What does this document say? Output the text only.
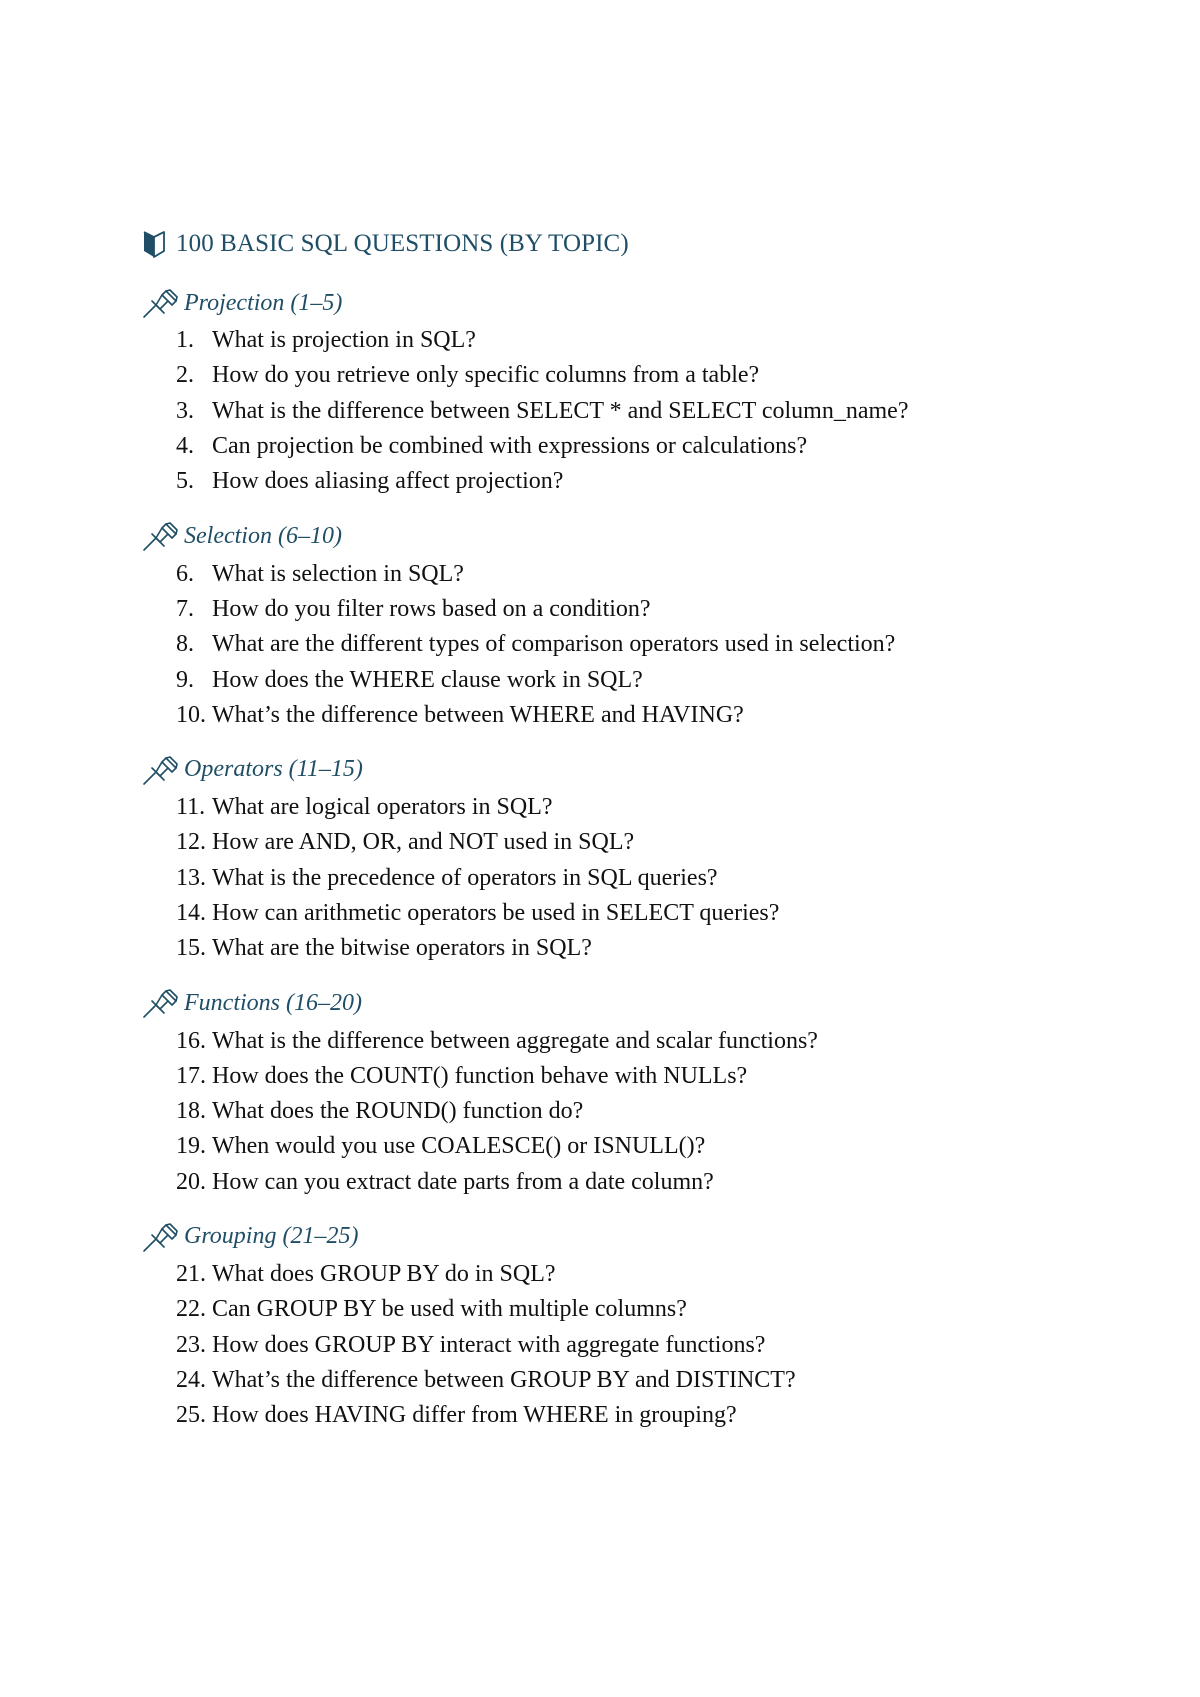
100 BASIC SQL QUESTIONS (BY TOPIC)
Projection (1–5)
1. What is projection in SQL?
2. How do you retrieve only specific columns from a table?
3. What is the difference between SELECT * and SELECT column_name?
4. Can projection be combined with expressions or calculations?
5. How does aliasing affect projection?
Selection (6–10)
6. What is selection in SQL?
7. How do you filter rows based on a condition?
8. What are the different types of comparison operators used in selection?
9. How does the WHERE clause work in SQL?
10. What’s the difference between WHERE and HAVING?
Operators (11–15)
11. What are logical operators in SQL?
12. How are AND, OR, and NOT used in SQL?
13. What is the precedence of operators in SQL queries?
14. How can arithmetic operators be used in SELECT queries?
15. What are the bitwise operators in SQL?
Functions (16–20)
16. What is the difference between aggregate and scalar functions?
17. How does the COUNT() function behave with NULLs?
18. What does the ROUND() function do?
19. When would you use COALESCE() or ISNULL()?
20. How can you extract date parts from a date column?
Grouping (21–25)
21. What does GROUP BY do in SQL?
22. Can GROUP BY be used with multiple columns?
23. How does GROUP BY interact with aggregate functions?
24. What’s the difference between GROUP BY and DISTINCT?
25. How does HAVING differ from WHERE in grouping?
